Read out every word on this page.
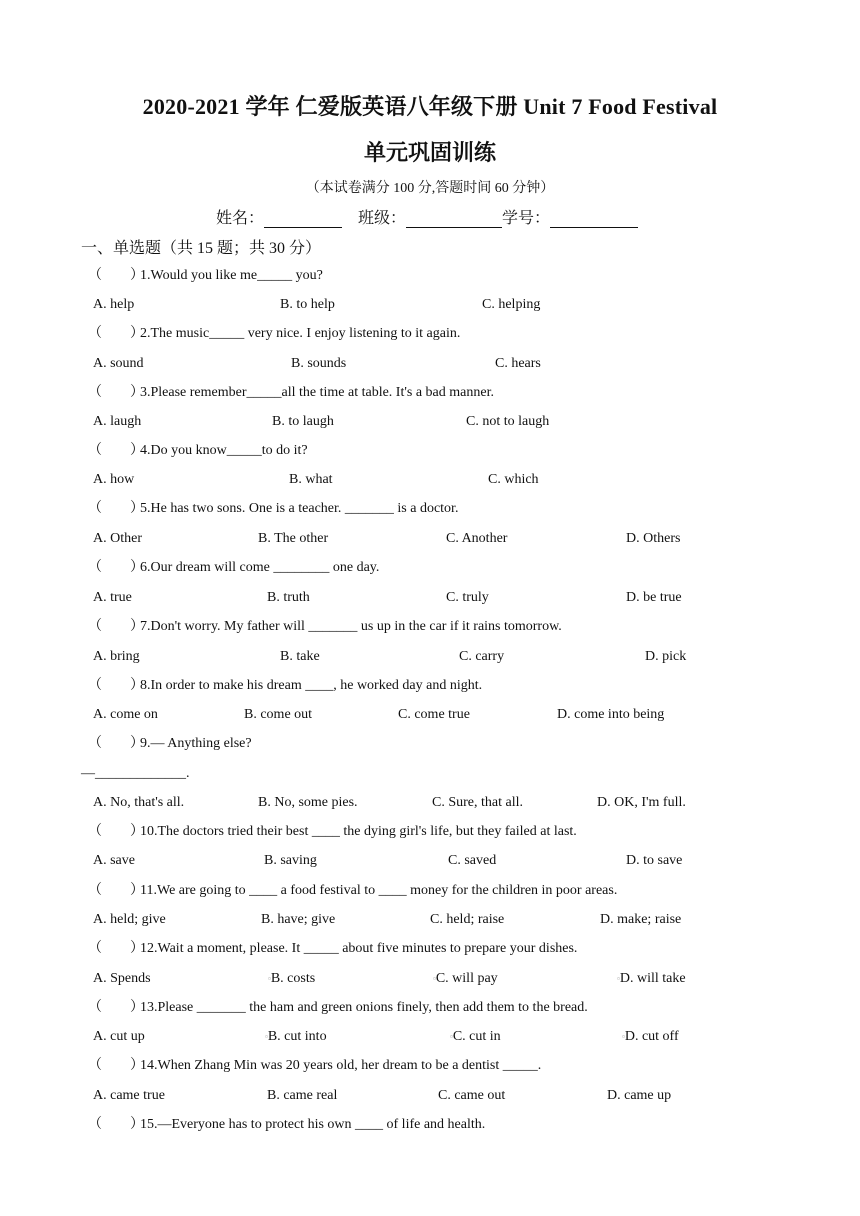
2020-2021 学年 仁爱版英语八年级下册 Unit 7 Food Festival
单元巩固训练
（本试卷满分 100 分,答题时间 60 分钟）
姓名：	班级：	学号：
一、单选题（共 15 题；共 30 分）
（　　）1.Would you like me_____ you?
A. help	B. to help	C. helping
（　　）2.The music_____ very nice. I enjoy listening to it again.
A. sound	B. sounds	C. hears
（　　）3.Please remember_____all the time at table. It's a bad manner.
A. laugh	B. to laugh	C. not to laugh
（　　）4.Do you know_____to do it?
A. how	B. what	C. which
（　　）5.He has two sons. One is a teacher. _______ is a doctor.
A. Other	B. The other	C. Another	D. Others
（　　）6.Our dream will come ________ one day.
A. true	B. truth	C. truly	D. be true
（　　）7.Don't worry. My father will _______ us up in the car if it rains tomorrow.
A. bring	B. take	C. carry	D. pick
（　　）8.In order to make his dream ____, he worked day and night.
A. come on	B. come out	C. come true	D. come into being
（　　）9.— Anything else?
—_____________.
A. No, that's all.	B. No, some pies.	C. Sure, that all.	D. OK, I'm full.
（　　）10.The doctors tried their best ____ the dying girl's life, but they failed at last.
A. save	B. saving	C. saved	D. to save
（　　）11.We are going to ____ a food festival to ____ money for the children in poor areas.
A. held; give	B. have; give	C. held; raise	D. make; raise
（　　）12.Wait a moment, please. It _____ about five minutes to prepare your dishes.
A. Spends	▫B. costs	▫C. will pay	▫D. will take
（　　）13.Please _______ the ham and green onions finely, then add them to the bread.
A. cut up	▫B. cut into	▫C. cut in	▫D. cut off
（　　）14.When Zhang Min was 20 years old, her dream to be a dentist _____.
A. came true	B. came real	C. came out	D. came up
（　　）15.—Everyone has to protect his own ____ of life and health.
